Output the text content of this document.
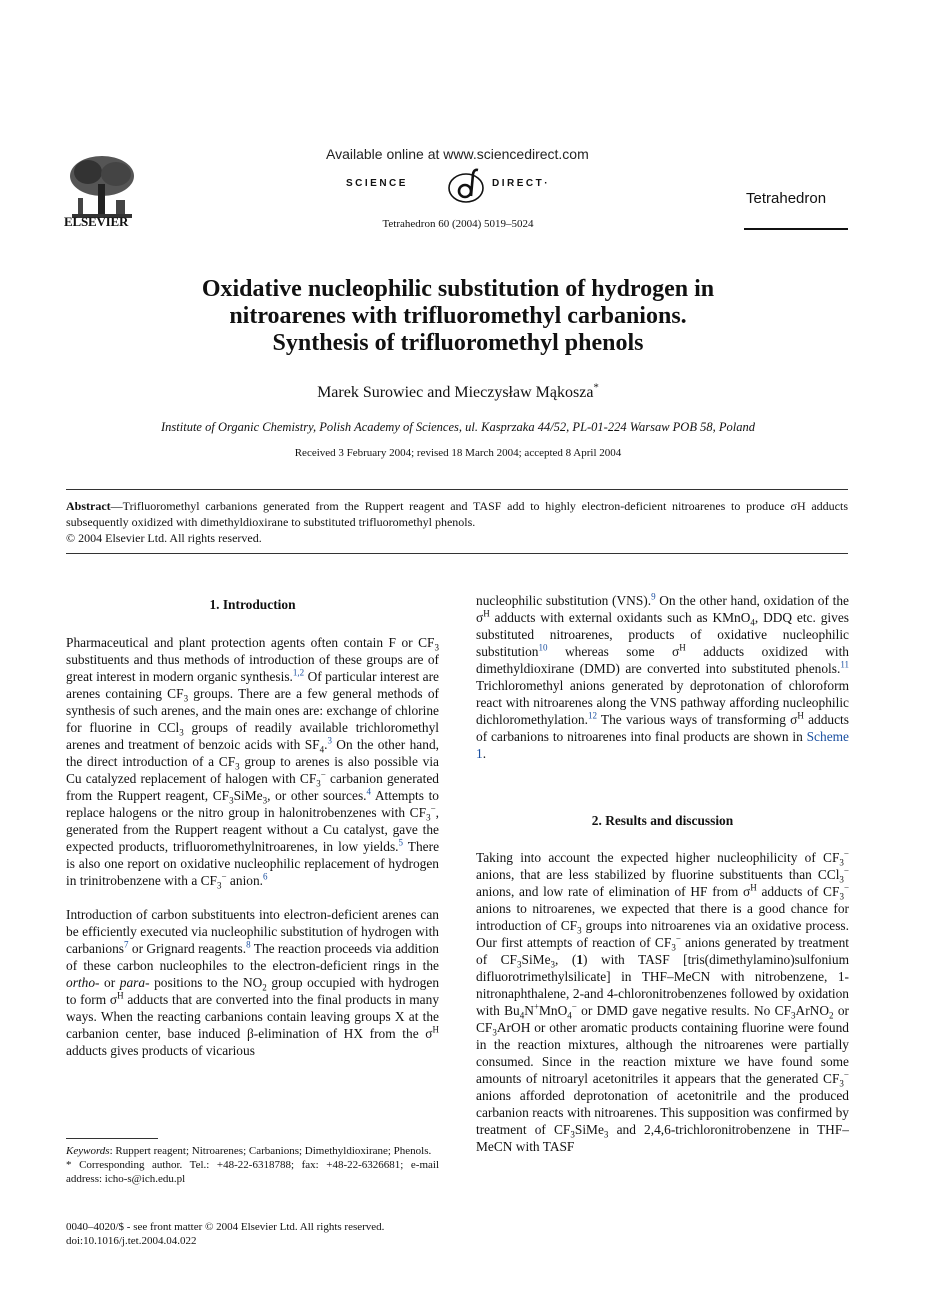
ELSEVIER
Available online at www.sciencedirect.com
SCIENCE	DIRECT·
Tetrahedron 60 (2004) 5019–5024
Tetrahedron
Oxidative nucleophilic substitution of hydrogen in
nitroarenes with trifluoromethyl carbanions.
Synthesis of trifluoromethyl phenols
Marek Surowiec and Mieczysław Mąkosza*
Institute of Organic Chemistry, Polish Academy of Sciences, ul. Kasprzaka 44/52, PL-01-224 Warsaw POB 58, Poland
Received 3 February 2004; revised 18 March 2004; accepted 8 April 2004
Abstract—Trifluoromethyl carbanions generated from the Ruppert reagent and TASF add to highly electron-deficient nitroarenes to produce σH adducts subsequently oxidized with dimethyldioxirane to substituted trifluoromethyl phenols.
© 2004 Elsevier Ltd. All rights reserved.
1. Introduction

Pharmaceutical and plant protection agents often contain F or $CF_3$ substituents and thus methods of introduction of these groups are of great interest in modern organic synthesis.$^{1,2}$ Of particular interest are arenes containing $CF_3$ groups. There are a few general methods of synthesis of such arenes, and the main ones are: exchange of chlorine for fluorine in CCl$_3$ groups of readily available trichloromethyl arenes and treatment of benzoic acids with $SF_4.^3$ On the other hand, the direct introduction of a $CF_3$ group to arenes is also possible via Cu catalyzed replacement of halogen with $CF_3^-$ carbanion generated from the Ruppert reagent, $CF_3SiMe_3$, or other sources.$^4$ Attempts to replace halogens or the nitro group in halonitrobenzenes with $CF_3^-$, generated from the Ruppert reagent without a Cu catalyst, gave the expected products, trifluoromethylnitroarenes, in low yields.$^5$ There is also one report on oxidative nucleophilic replacement of hydrogen in trinitrobenzene with a $CF_3^-$ anion.$^6$

Introduction of carbon substituents into electron-deficient arenes can be efficiently executed via nucleophilic substitution of hydrogen with carbanions$^7$ or Grignard reagents.$^8$ The reaction proceeds via addition of these carbon nucleophiles to the electron-deficient rings in the ortho- or para- positions to the $NO_2$ group occupied with hydrogen to form $\sigma^H$ adducts that are converted into the final products in many ways. When the reacting carbanions contain leaving groups X at the carbanion center, base induced β-elimination of HX from the $\sigma^H$ adducts gives products of vicarious

Keywords: Ruppert reagent; Nitroarenes; Carbanions; Dimethyldioxirane; Phenols.

* Corresponding author. Tel.: +48-22-6318788; fax: +48-22-6326681; e-mail address: icho-s@ich.edu.pl

0040–4020/$ - see front matter © 2004 Elsevier Ltd. All rights reserved.
doi:10.1016/j.tet.2004.04.022

nucleophilic substitution (VNS).$^9$ On the other hand, oxidation of the $\sigma^H$ adducts with external oxidants such as KMnO$_4$, DDQ etc. gives substituted nitroarenes, products of oxidative nucleophilic substitution$^{10}$ whereas some $\sigma^H$ adducts oxidized with dimethyldioxirane (DMD) are converted into substituted phenols.$^{11}$ Trichloromethyl anions generated by deprotonation of chloroform react with nitroarenes along the VNS pathway affording nucleophilic dichloromethylation.$^{12}$ The various ways of transforming $\sigma^H$ adducts of carbanions to nitroarenes into final products are shown in Scheme 1.

2. Results and discussion

Taking into account the expected higher nucleophilicity of $CF_3^-$ anions, that are less stabilized by fluorine substituents than CCl$_3$− anions, and low rate of elimination of HF from $\sigma^H$ adducts of $CF_3^-$ anions to nitroarenes, we expected that there is a good chance for introduction of $CF_3$ groups into nitroarenes via an oxidative process. Our first attempts of reaction of $CF_3^-$ anions generated by treatment of $CF_3SiMe_3$, (1) with TASF [tris(dimethylamino)sulfonium difluorotrimethylsilicate] in THF–MeCN with nitrobenzene, 1-nitronaphthalene, 2-and 4-chloronitrobenzenes followed by oxidation with $Bu_4N^+MnO_4^-$ or DMD gave negative results. No $CF_3ArNO_2$ or $CF_3ArOH$ or other aromatic products containing fluorine were found in the reaction mixtures, although the nitroarenes were partially consumed. Since in the reaction mixture we have found some amounts of nitroaryl acetonitriles it appears that the generated $CF_3^-$ anions afforded deprotonation of acetonitrile and the produced carbanion reacts with nitroarenes. This supposition was confirmed by treatment of $CF_3SiMe_3$ and 2,4,6-trichloronitrobenzene in THF–MeCN with TASF
